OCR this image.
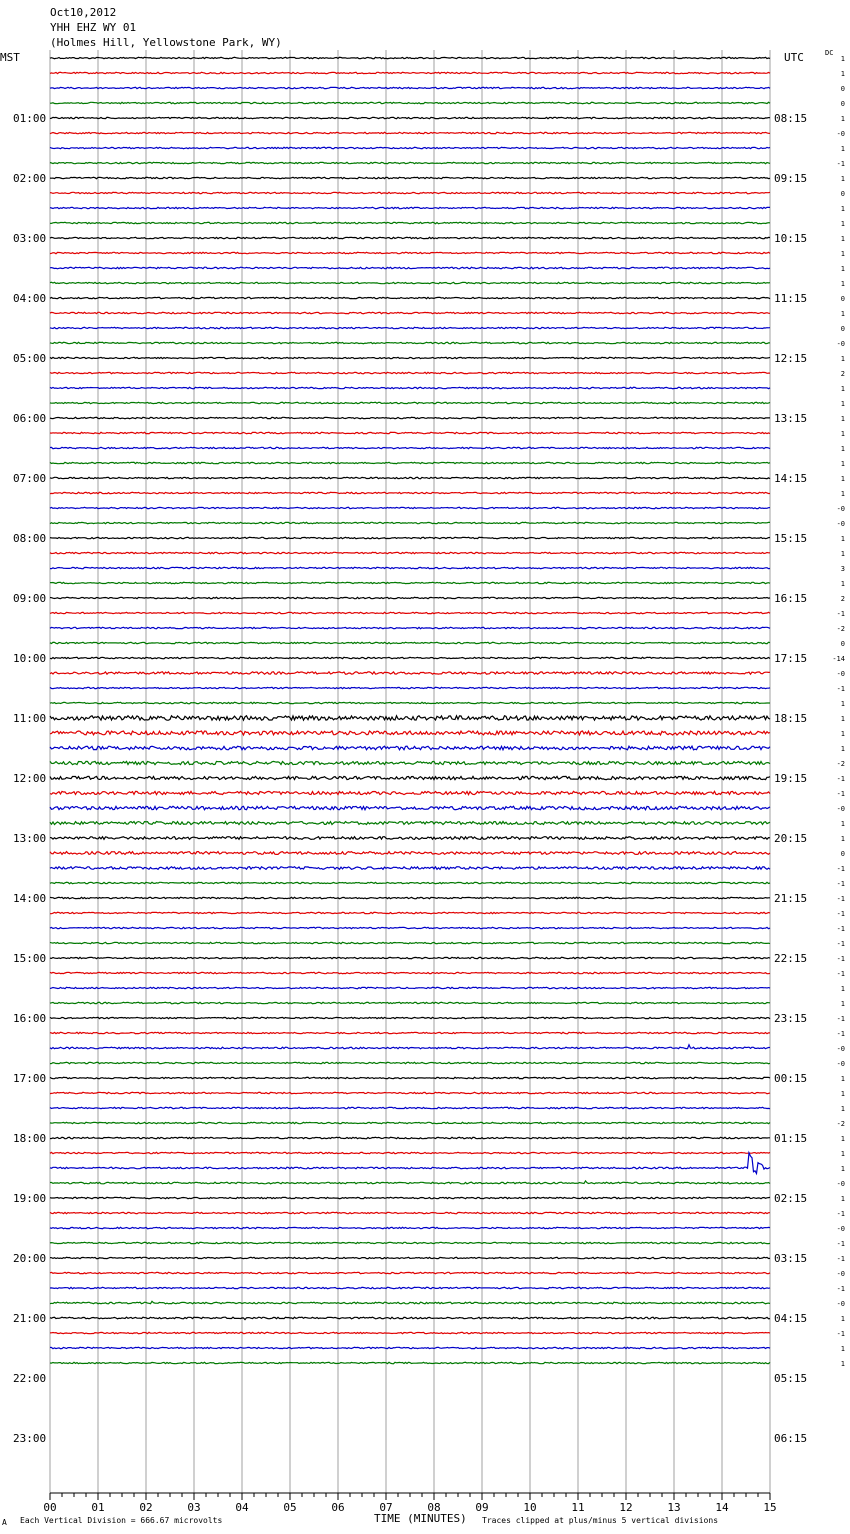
Oct10,2012
YHH EHZ WY 01
(Holmes Hill, Yellowstone Park, WY)
MST	UTC	DC
01:00
02:00
03:00
04:00
05:00
06:00
07:00
08:00
09:00
10:00
11:00
12:00
13:00
14:00
15:00
16:00
17:00
18:00
19:00
20:00
21:00
22:00
23:00
08:15
09:15
10:15
11:15
12:15
13:15
14:15
15:15
16:15
17:15
18:15
19:15
20:15
21:15
22:15
23:15
00:15
01:15
02:15
03:15
04:15
05:15
06:15
1
1
0
0
1
-0
1
-1
1
0
1
1
1
1
1
1
0
1
0
-0
1
2
1
1
1
1
1
1
1
1
-0
-0
1
1
3
1
2
-1
-2
0
-14
-0
-1
1
1
1
1
-2
-1
-1
-0
1
1
0
-1
-1
-1
-1
-1
-1
-1
-1
1
1
-1
-1
-0
-0
1
1
1
-2
1
1
1
-0
1
-1
-0
-1
-1
-0
-1
-0
1
-1
1
1
00	01	02	03	04	05	06	07	08	09	10	11	12	13	14	15
A Each Vertical Division = 666.67 microvolts	TIME (MINUTES) Traces clipped at plus/minus 5 vertical divisions
